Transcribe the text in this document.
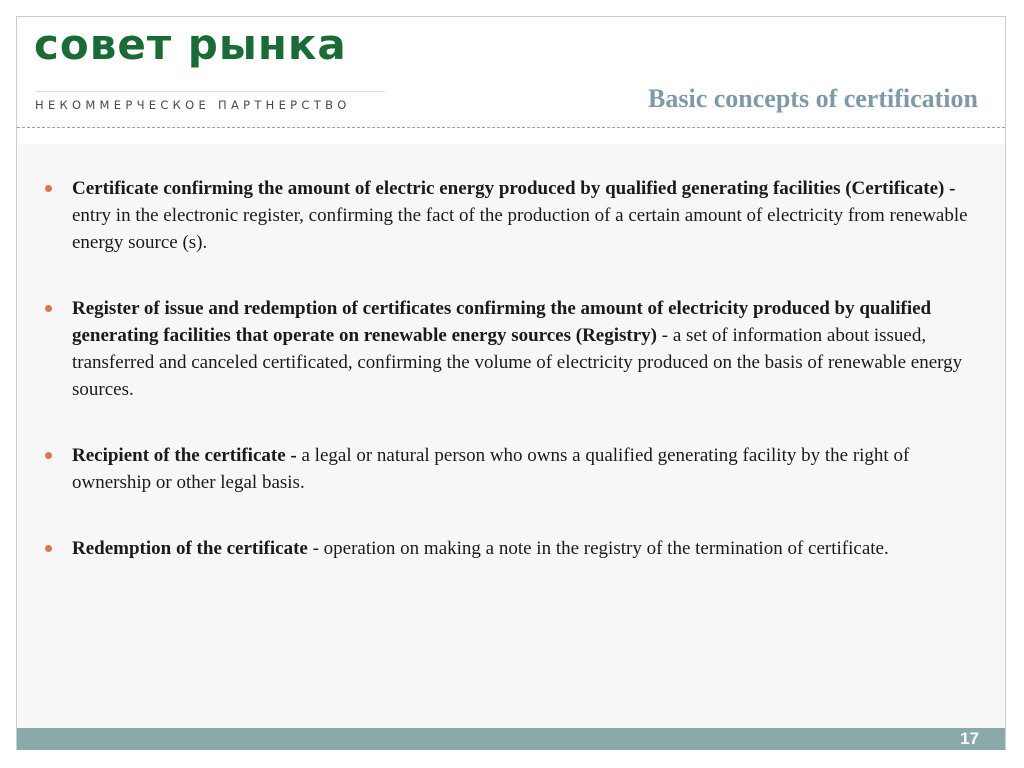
совет рынка
НЕКОММЕРЧЕСКОЕ ПАРТНЕРСТВО	Basic concepts of certification
Certificate confirming the amount of electric energy produced by qualified generating facilities (Certificate) - entry in the electronic register, confirming the fact of the production of a certain amount of electricity from renewable energy source (s).
Register of issue and redemption of certificates confirming the amount of electricity produced by qualified generating facilities that operate on renewable energy sources (Registry) - a set of information about issued, transferred and canceled certificated, confirming the volume of electricity produced on the basis of renewable energy sources.
Recipient of the certificate - a legal or natural person who owns a qualified generating facility by the right of ownership or other legal basis.
Redemption of the certificate - operation on making a note in the registry of the termination of certificate.
17
